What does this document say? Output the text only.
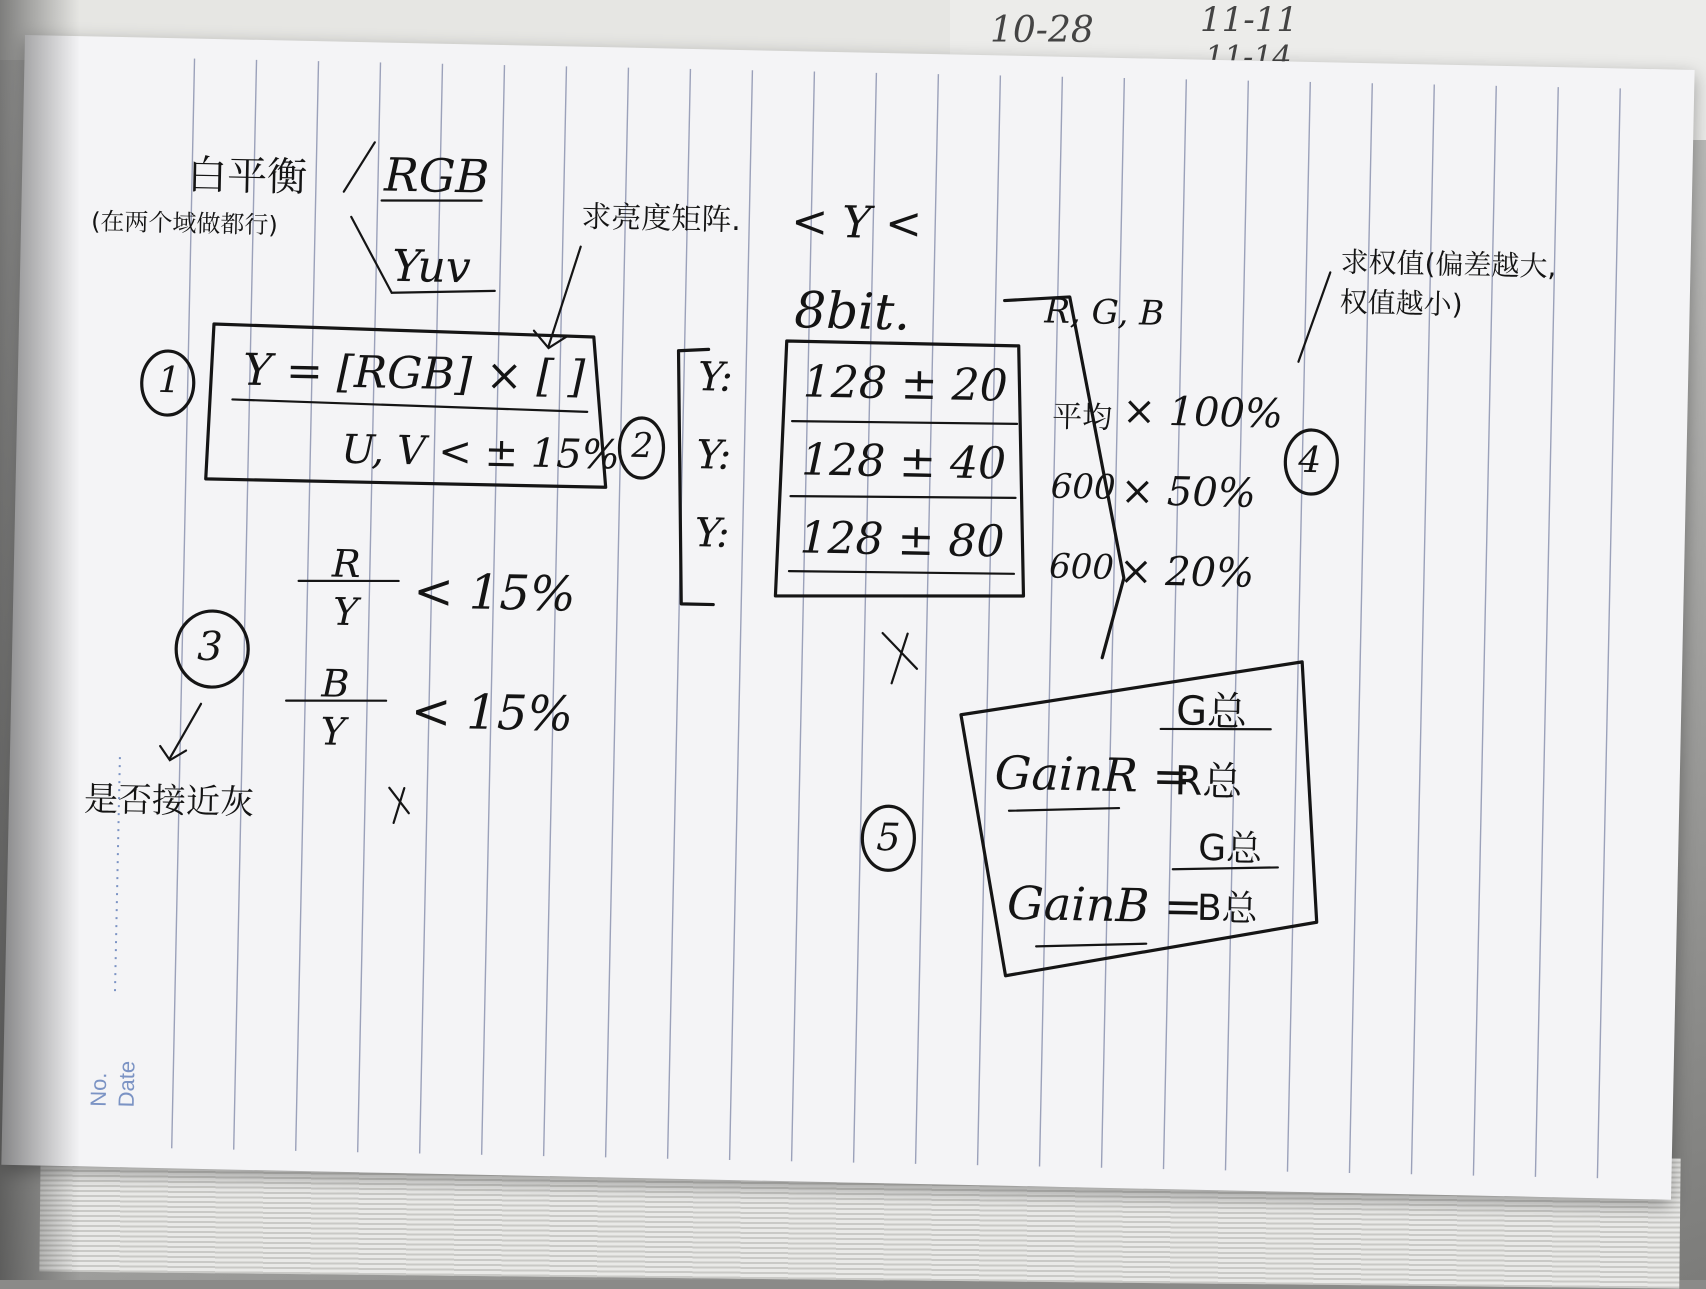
10-28	11-11
11-14
白平衡
(在两个域做都行)
RGB
Yuv
求亮度矩阵. < Y <
8bit.
1 Y = [RGB] × [ ]
U, V < ± 15% 2
Y: 128 ± 20
Y: 128 ± 40
Y: 128 ± 80
3
R
Y < 15%
B
Y < 15%
是否接近灰
R, G, B
平均 × 100%
600 × 50%
600 × 20%
4
求权值(偏差越大,权值越小)
5
GainR =
G总
R总
GainB =
G总
B总
No. Date
